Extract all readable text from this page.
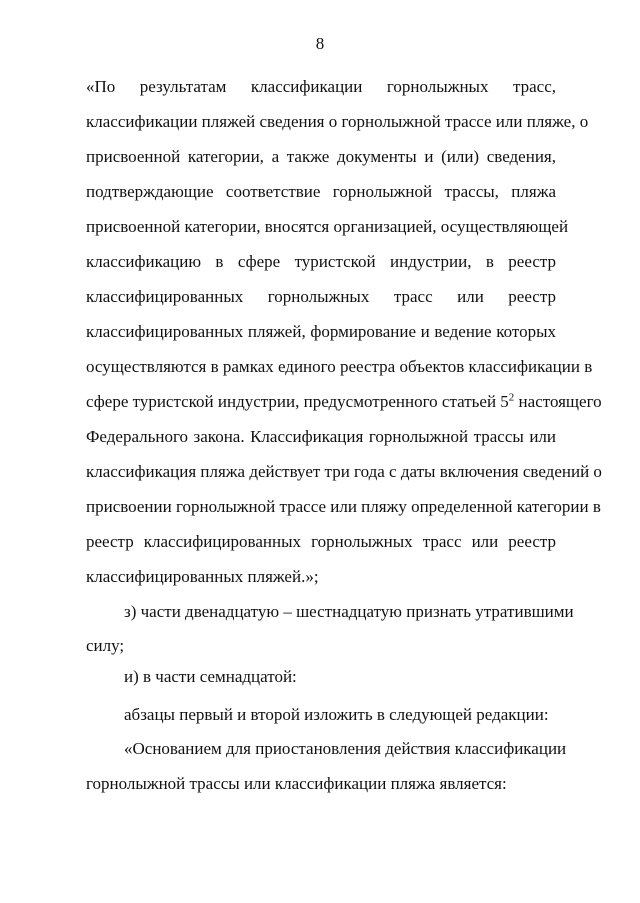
8
«По результатам классификации горнолыжных трасс,
классификации пляжей сведения о горнолыжной трассе или пляже, о
присвоенной категории, а также документы и (или) сведения,
подтверждающие соответствие горнолыжной трассы, пляжа
присвоенной категории, вносятся организацией, осуществляющей
классификацию в сфере туристской индустрии, в реестр
классифицированных горнолыжных трасс или реестр
классифицированных пляжей, формирование и ведение которых
осуществляются в рамках единого реестра объектов классификации в
сфере туристской индустрии, предусмотренного статьей $5^2$ настоящего
Федерального закона. Классификация горнолыжной трассы или
классификация пляжа действует три года с даты включения сведений о
присвоении горнолыжной трассе или пляжу определенной категории в
реестр классифицированных горнолыжных трасс или реестр
классифицированных пляжей.»;
з) части двенадцатую – шестнадцатую признать утратившими
силу;
и) в части семнадцатой:
абзацы первый и второй изложить в следующей редакции:
«Основанием для приостановления действия классификации
горнолыжной трассы или классификации пляжа является:
